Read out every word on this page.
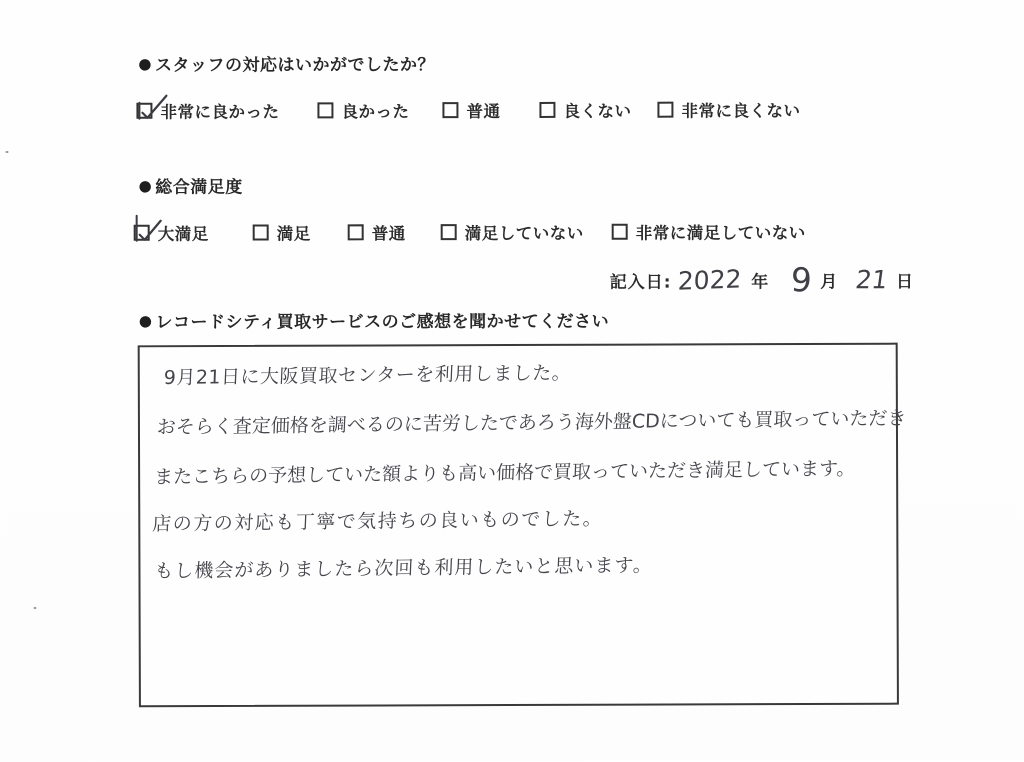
● スタッフの対応はいかがでしたか？
非常に良かった	良かった	普通	良くない	非常に良くない
● 総合満足度
大満足	満足	普通	満足していない	非常に満足していない
記入日: 2022 年 9 月 21 日
● レコードシティ買取サービスのご感想を聞かせてください
9月21日に大阪買取センターを利用しました。
おそらく査定価格を調べるのに苦労したであろう海外盤CDについても買取っていただき
またこちらの予想していた額よりも高い価格で買取っていただき満足しています。
店の方の対応も丁寧で気持ちの良いものでした。
もし機会がありましたら次回も利用したいと思います。
